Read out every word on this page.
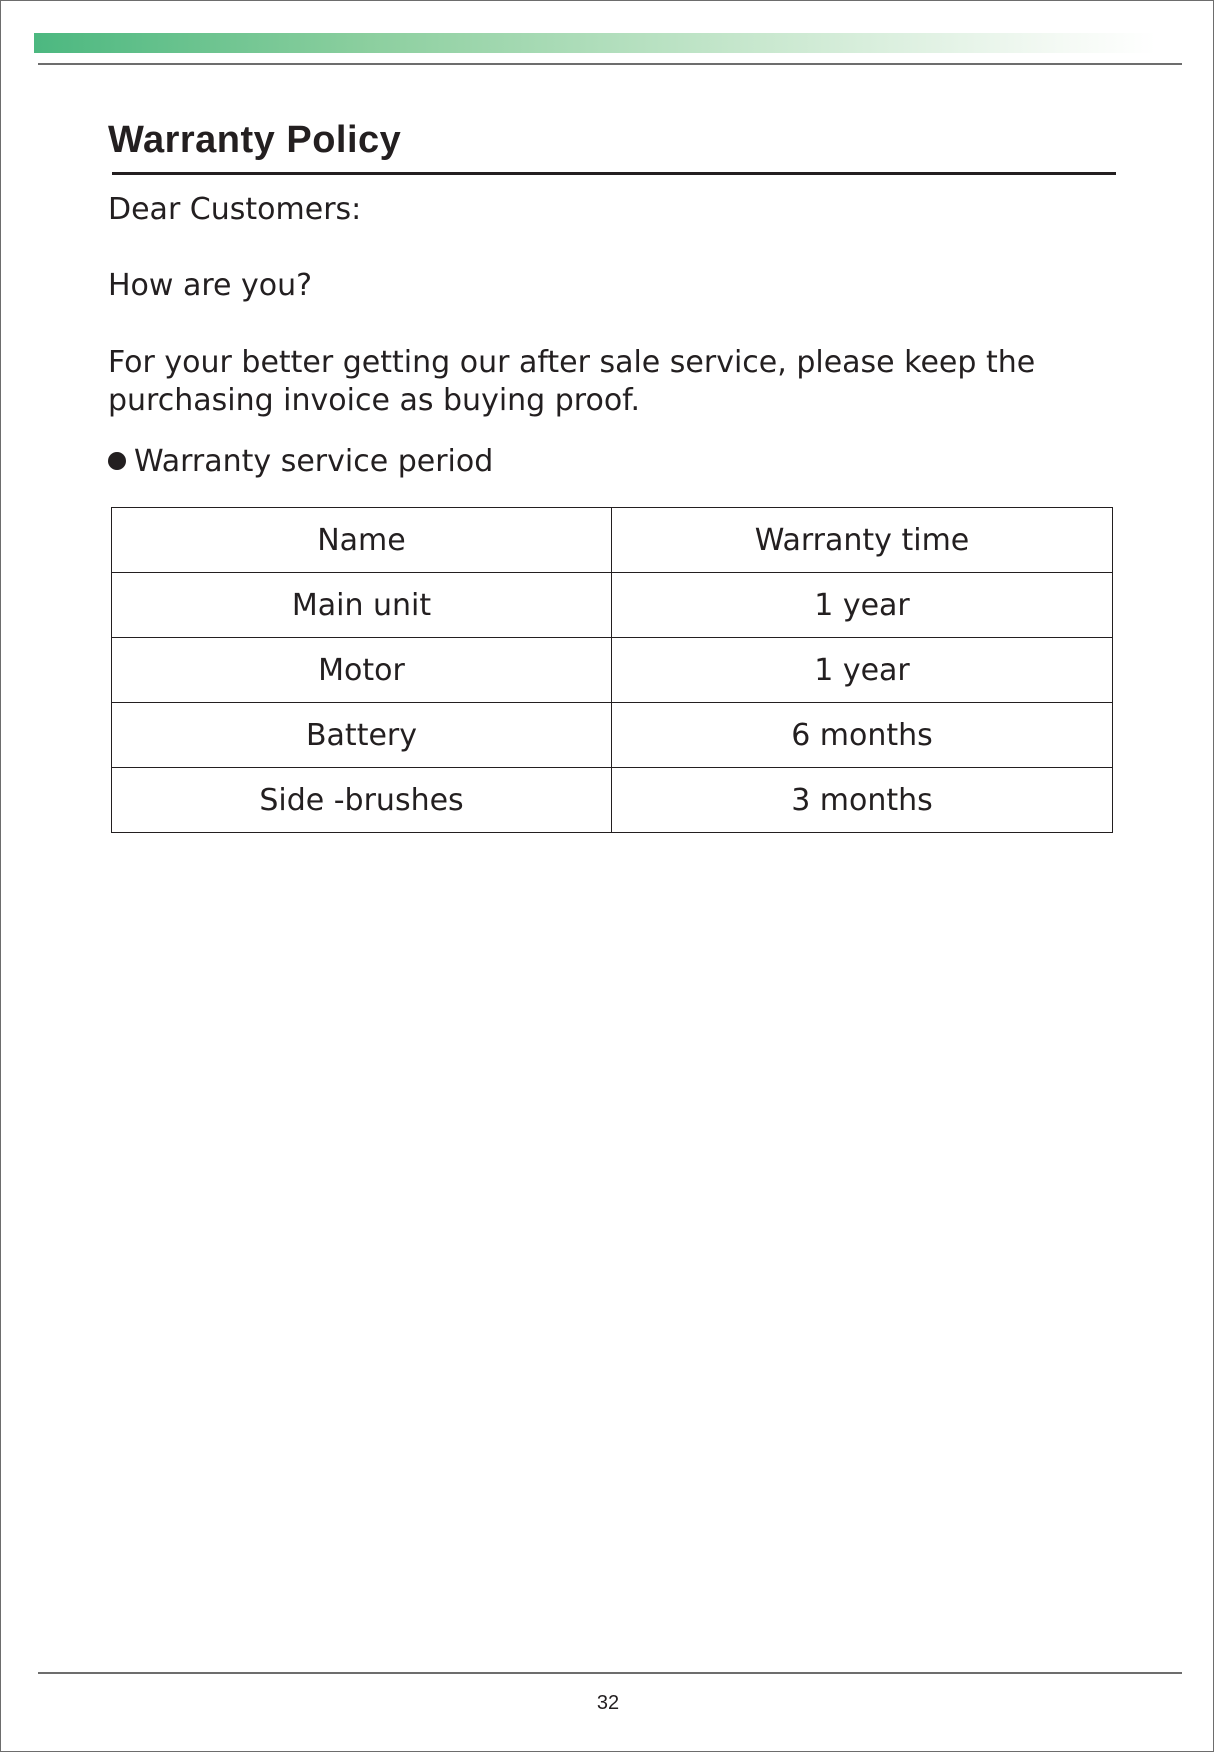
Warranty Policy

Dear Customers:

How are you?

For your better getting our after sale service, please keep the
purchasing invoice as buying proof.

Warranty service period

Name	Warranty time
Main unit	1 year
Motor	1 year
Battery	6 months
Side -brushes	3 months
32
